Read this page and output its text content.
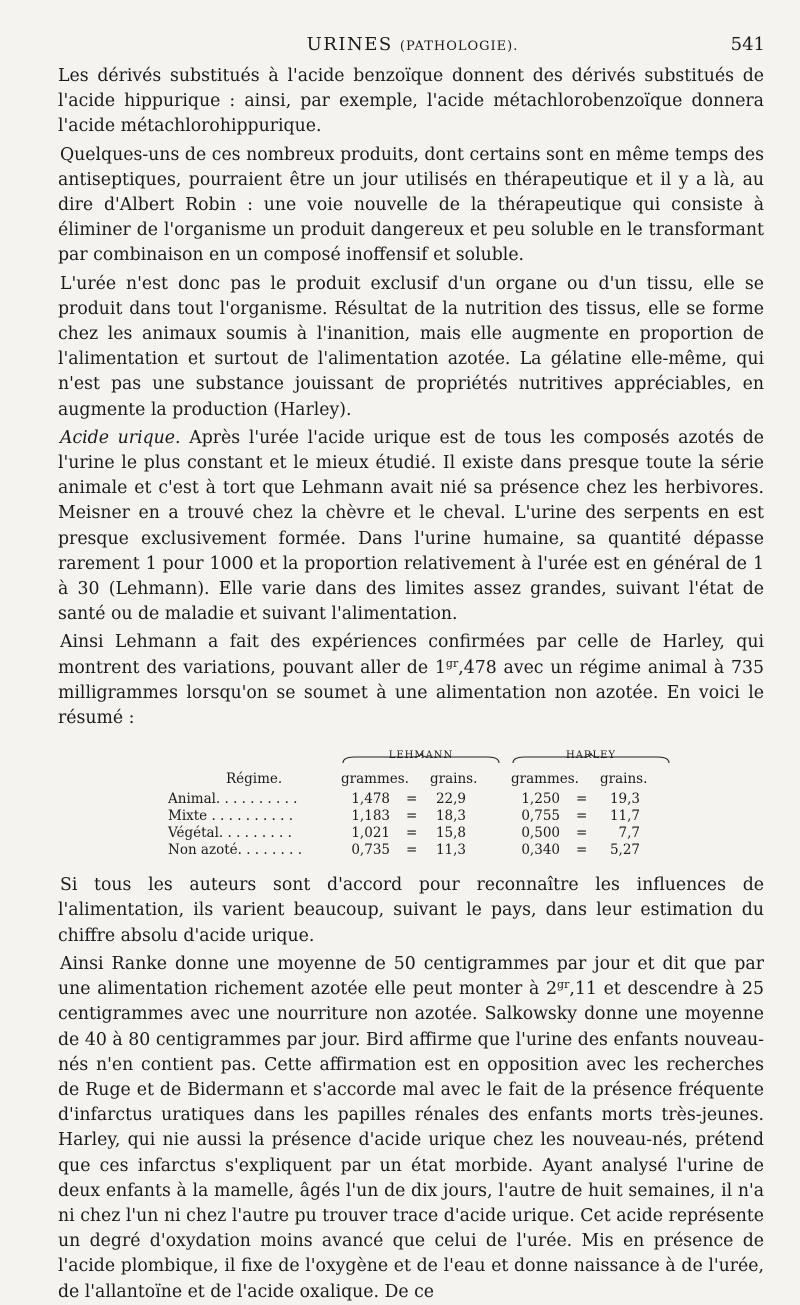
URINES (PATHOLOGIE).	541

Les dérivés substitués à l'acide benzoïque donnent des dérivés substitués de l'acide hippurique : ainsi, par exemple, l'acide métachlorobenzoïque donnera l'acide métachlorohippurique.

Quelques-uns de ces nombreux produits, dont certains sont en même temps des antiseptiques, pourraient être un jour utilisés en thérapeutique et il y a là, au dire d'Albert Robin : une voie nouvelle de la thérapeutique qui consiste à éliminer de l'organisme un produit dangereux et peu soluble en le transformant par combinaison en un composé inoffensif et soluble.

L'urée n'est donc pas le produit exclusif d'un organe ou d'un tissu, elle se produit dans tout l'organisme. Résultat de la nutrition des tissus, elle se forme chez les animaux soumis à l'inanition, mais elle augmente en proportion de l'alimentation et surtout de l'alimentation azotée. La gélatine elle-même, qui n'est pas une substance jouissant de propriétés nutritives appréciables, en augmente la production (Harley).

Acide urique. Après l'urée l'acide urique est de tous les composés azotés de l'urine le plus constant et le mieux étudié. Il existe dans presque toute la série animale et c'est à tort que Lehmann avait nié sa présence chez les herbivores. Meisner en a trouvé chez la chèvre et le cheval. L'urine des serpents en est presque exclusivement formée. Dans l'urine humaine, sa quantité dépasse rarement 1 pour 1000 et la proportion relativement à l'urée est en général de 1 à 30 (Lehmann). Elle varie dans des limites assez grandes, suivant l'état de santé ou de maladie et suivant l'alimentation.

Ainsi Lehmann a fait des expériences confirmées par celle de Harley, qui montrent des variations, pouvant aller de $1^{gr},478$ avec un régime animal à 735 milligrammes lorsqu'on se soumet à une alimentation non azotée. En voici le résumé :

LEHMANN	HARLEY
Régime.	grammes. grains. grammes. grains.
Animal. . . . . . . . . .	1,478 =	22,9	1,250 =	19,3
Mixte . . . . . . . . . .	1,183 =	18,3	0,755 =	11,7
Végétal. . . . . . . . .	1,021 =	15,8	0,500 =	7,7
Non azoté. . . . . . . .	0,735 =	11,3	0,340 =	5,27

Si tous les auteurs sont d'accord pour reconnaître les influences de l'alimentation, ils varient beaucoup, suivant le pays, dans leur estimation du chiffre absolu d'acide urique.

Ainsi Ranke donne une moyenne de 50 centigrammes par jour et dit que par une alimentation richement azotée elle peut monter à $2^{gr},11$ et descendre à 25 centigrammes avec une nourriture non azotée. Salkowsky donne une moyenne de 40 à 80 centigrammes par jour. Bird affirme que l'urine des enfants nouveau-nés n'en contient pas. Cette affirmation est en opposition avec les recherches de Ruge et de Bidermann et s'accorde mal avec le fait de la présence fréquente d'infarctus uratiques dans les papilles rénales des enfants morts très-jeunes. Harley, qui nie aussi la présence d'acide urique chez les nouveau-nés, prétend que ces infarctus s'expliquent par un état morbide. Ayant analysé l'urine de deux enfants à la mamelle, âgés l'un de dix jours, l'autre de huit semaines, il n'a ni chez l'un ni chez l'autre pu trouver trace d'acide urique. Cet acide représente un degré d'oxydation moins avancé que celui de l'urée. Mis en présence de l'acide plombique, il fixe de l'oxygène et de l'eau et donne naissance à de l'urée, de l'allantoïne et de l'acide oxalique. De ce
